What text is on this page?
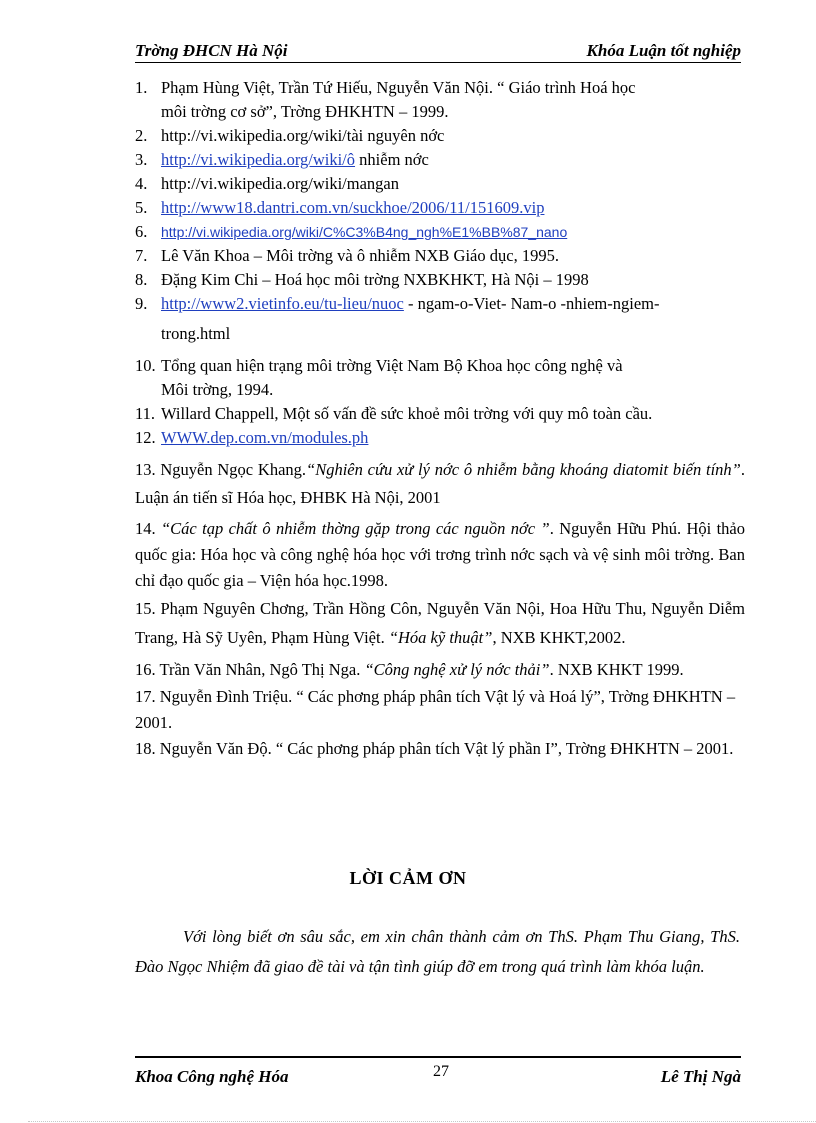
Trờng ĐHCN Hà Nội	Khóa Luận tốt nghiệp
1. Phạm Hùng Việt, Trần Tứ Hiếu, Nguyễn Văn Nội. “ Giáo trình Hoá học
môi trờng cơ sở”, Trờng ĐHKHTN – 1999.
2. http://vi.wikipedia.org/wiki/tài nguyên nớc
3. http://vi.wikipedia.org/wiki/ô nhiễm nớc
4. http://vi.wikipedia.org/wiki/mangan
5. http://www18.dantri.com.vn/suckhoe/2006/11/151609.vip
6. http://vi.wikipedia.org/wiki/C%C3%B4ng_ngh%E1%BB%87_nano
7. Lê Văn Khoa – Môi trờng và ô nhiễm NXB Giáo dục, 1995.
8. Đặng Kim Chi – Hoá học môi trờng NXBKHKT, Hà Nội – 1998
9. http://www2.vietinfo.eu/tu-lieu/nuoc - ngam-o-Viet- Nam-o -nhiem-ngiem-
trong.html
10. Tổng quan hiện trạng môi trờng Việt Nam Bộ Khoa học công nghệ và
Môi trờng, 1994.
11. Willard Chappell, Một số vấn đề sức khoẻ môi trờng với quy mô toàn cầu.
12. WWW.dep.com.vn/modules.ph
13. Nguyễn Ngọc Khang.“Nghiên cứu xử lý nớc ô nhiễm bằng khoáng diatomit biến tính”. Luận án tiến sĩ Hóa học, ĐHBK Hà Nội, 2001
14. “Các tạp chất ô nhiễm thờng gặp trong các nguồn nớc ”. Nguyễn Hữu Phú. Hội thảo quốc gia: Hóa học và công nghệ hóa học với trơng trình nớc sạch và vệ sinh môi trờng. Ban chỉ đạo quốc gia – Viện hóa học.1998.
15. Phạm Nguyên Chơng, Trần Hồng Côn, Nguyễn Văn Nội, Hoa Hữu Thu, Nguyễn Diễm Trang, Hà Sỹ Uyên, Phạm Hùng Việt. “Hóa kỹ thuật”, NXB KHKT,2002.
16. Trần Văn Nhân, Ngô Thị Nga. “Công nghệ xử lý nớc thải”. NXB KHKT 1999.
17. Nguyễn Đình Triệu. “ Các phơng pháp phân tích Vật lý và Hoá lý”, Trờng ĐHKHTN – 2001.
18. Nguyễn Văn Độ. “ Các phơng pháp phân tích Vật lý phần I”, Trờng ĐHKHTN – 2001.
LỜI CẢM ƠN

Với lòng biết ơn sâu sắc, em xin chân thành cảm ơn ThS. Phạm Thu Giang, ThS. Đào Ngọc Nhiệm đã giao đề tài và tận tình giúp đỡ em trong quá trình làm khóa luận.

Khoa Công nghệ Hóa	27	Lê Thị Ngà
